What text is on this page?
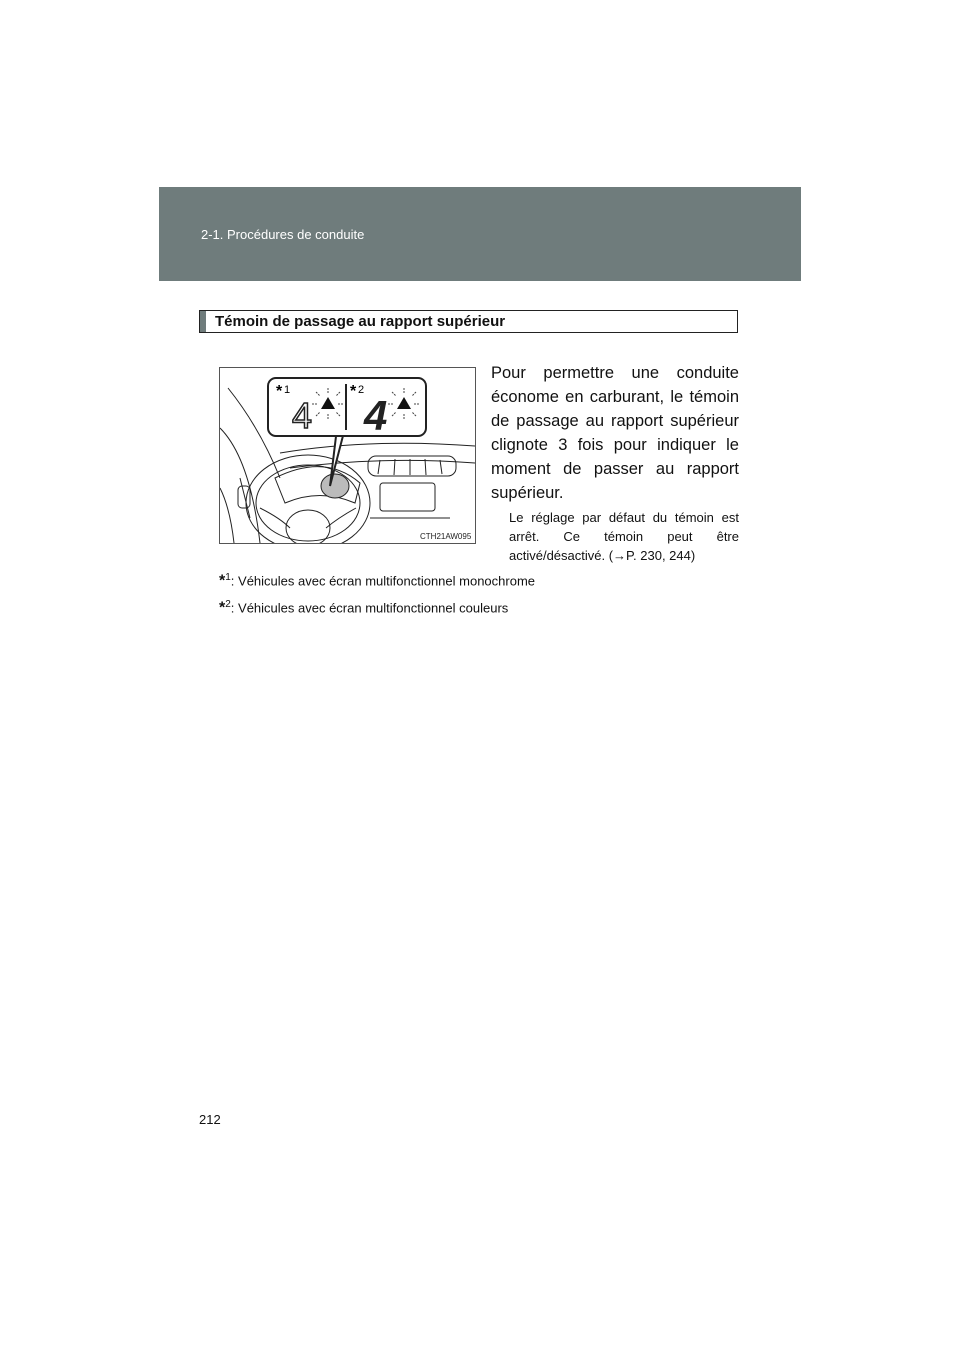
2-1. Procédures de conduite
Témoin de passage au rapport supérieur
* 1	* 2
4 4
CTH21AW095
Pour permettre une conduite économe en carburant, le témoin de passage au rapport supérieur clignote 3 fois pour indiquer le moment de passer au rapport supérieur.
Le réglage par défaut du témoin est arrêt. Ce témoin peut être activé/désactivé. (→P. 230, 244)
*$^1$: Véhicules avec écran multifonctionnel monochrome
*$^2$: Véhicules avec écran multifonctionnel couleurs
212
